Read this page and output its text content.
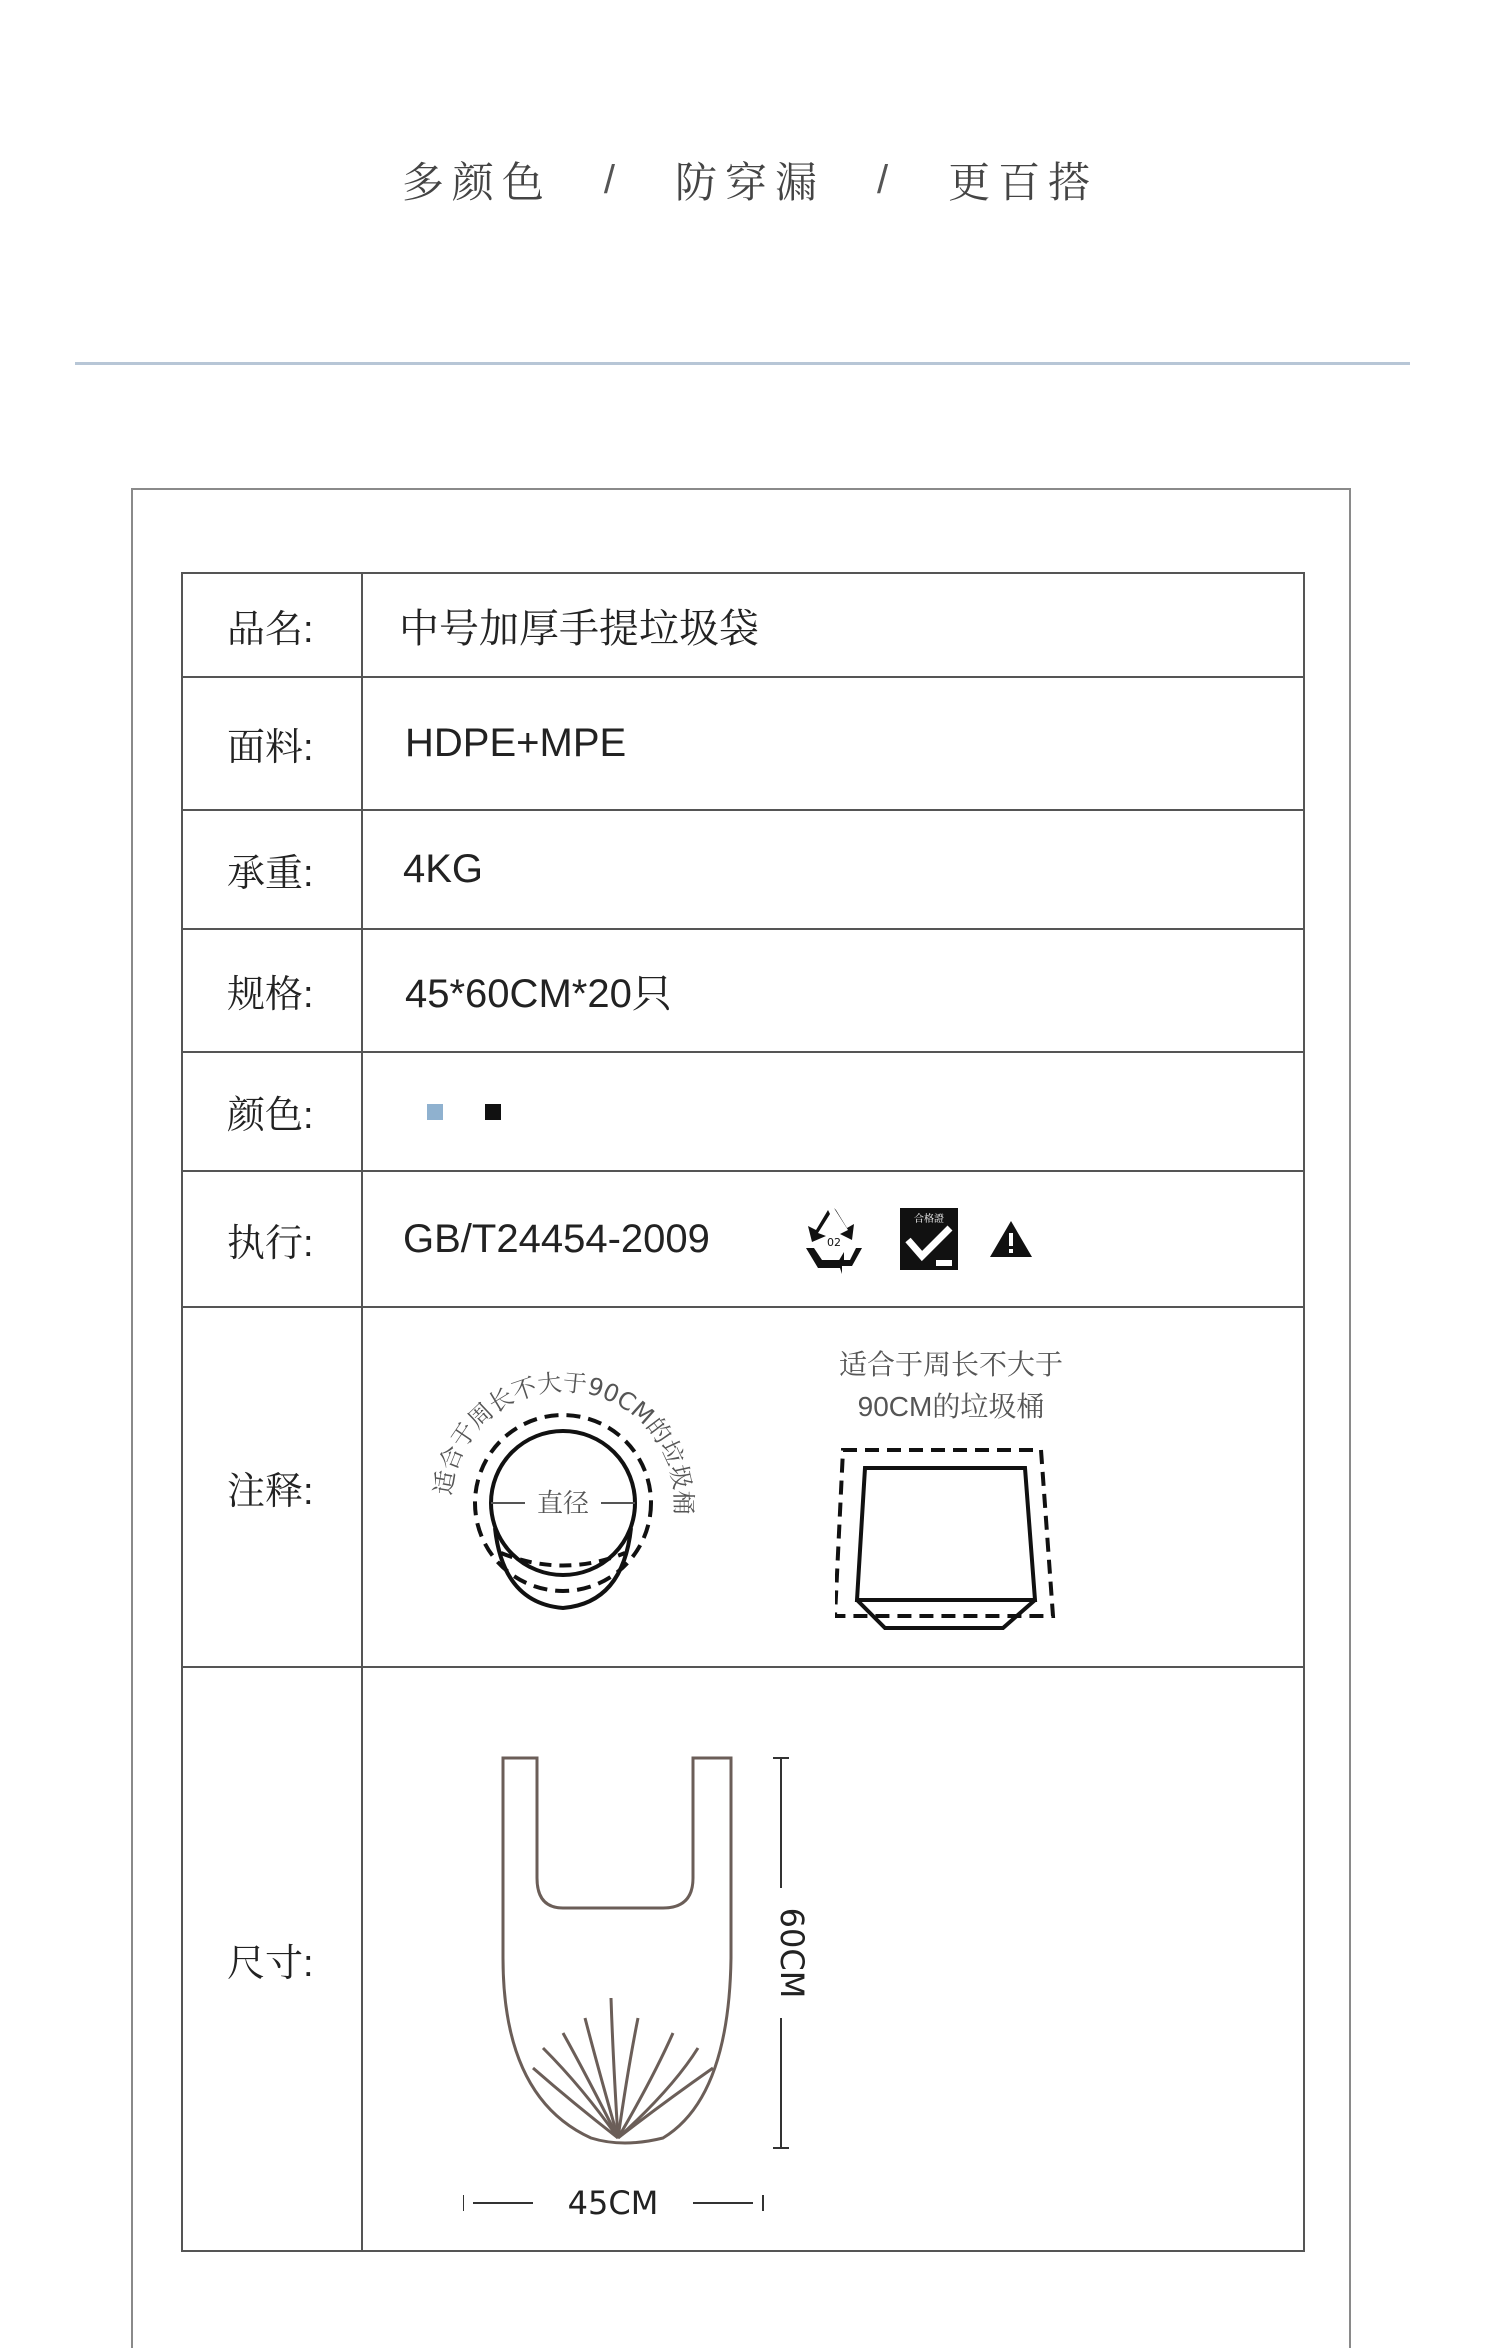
多颜色 / 防穿漏 / 更百搭
品名:	中号加厚手提垃圾袋
面料:	HDPE+MPE
承重:	4KG
规格:	45*60CM*20只
颜色:
执行:	GB/T24454-2009	02
合格證
注释:	适合于周长不大于90CM的垃圾桶
直径
适合于周长不大于
90CM的垃圾桶
尺寸:	60CM
45CM
